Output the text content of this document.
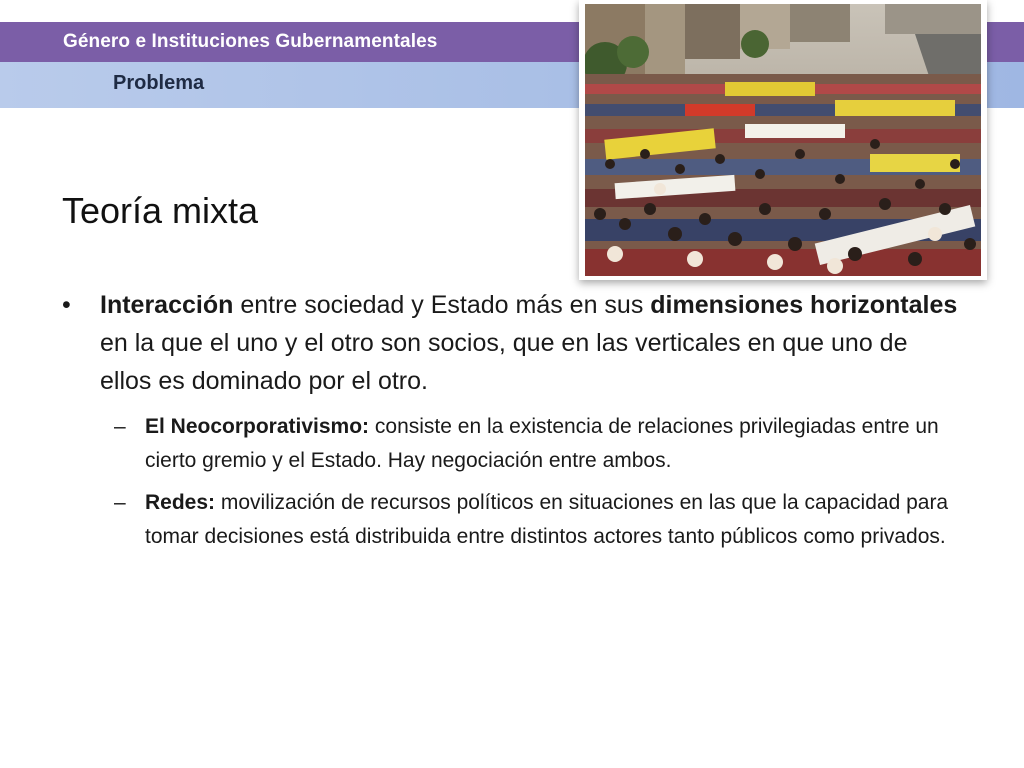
Género e Instituciones Gubernamentales
Problema
Teoría mixta
• Interacción entre sociedad y Estado más en sus dimensiones horizontales en la que el uno y el otro son socios, que en las verticales en que uno de ellos es dominado por el otro.
– El Neocorporativismo: consiste en la existencia de relaciones privilegiadas entre un cierto gremio y el Estado. Hay negociación entre ambos.
– Redes: movilización de recursos políticos en situaciones en las que la capacidad para tomar decisiones está distribuida entre distintos actores tanto públicos como privados.
